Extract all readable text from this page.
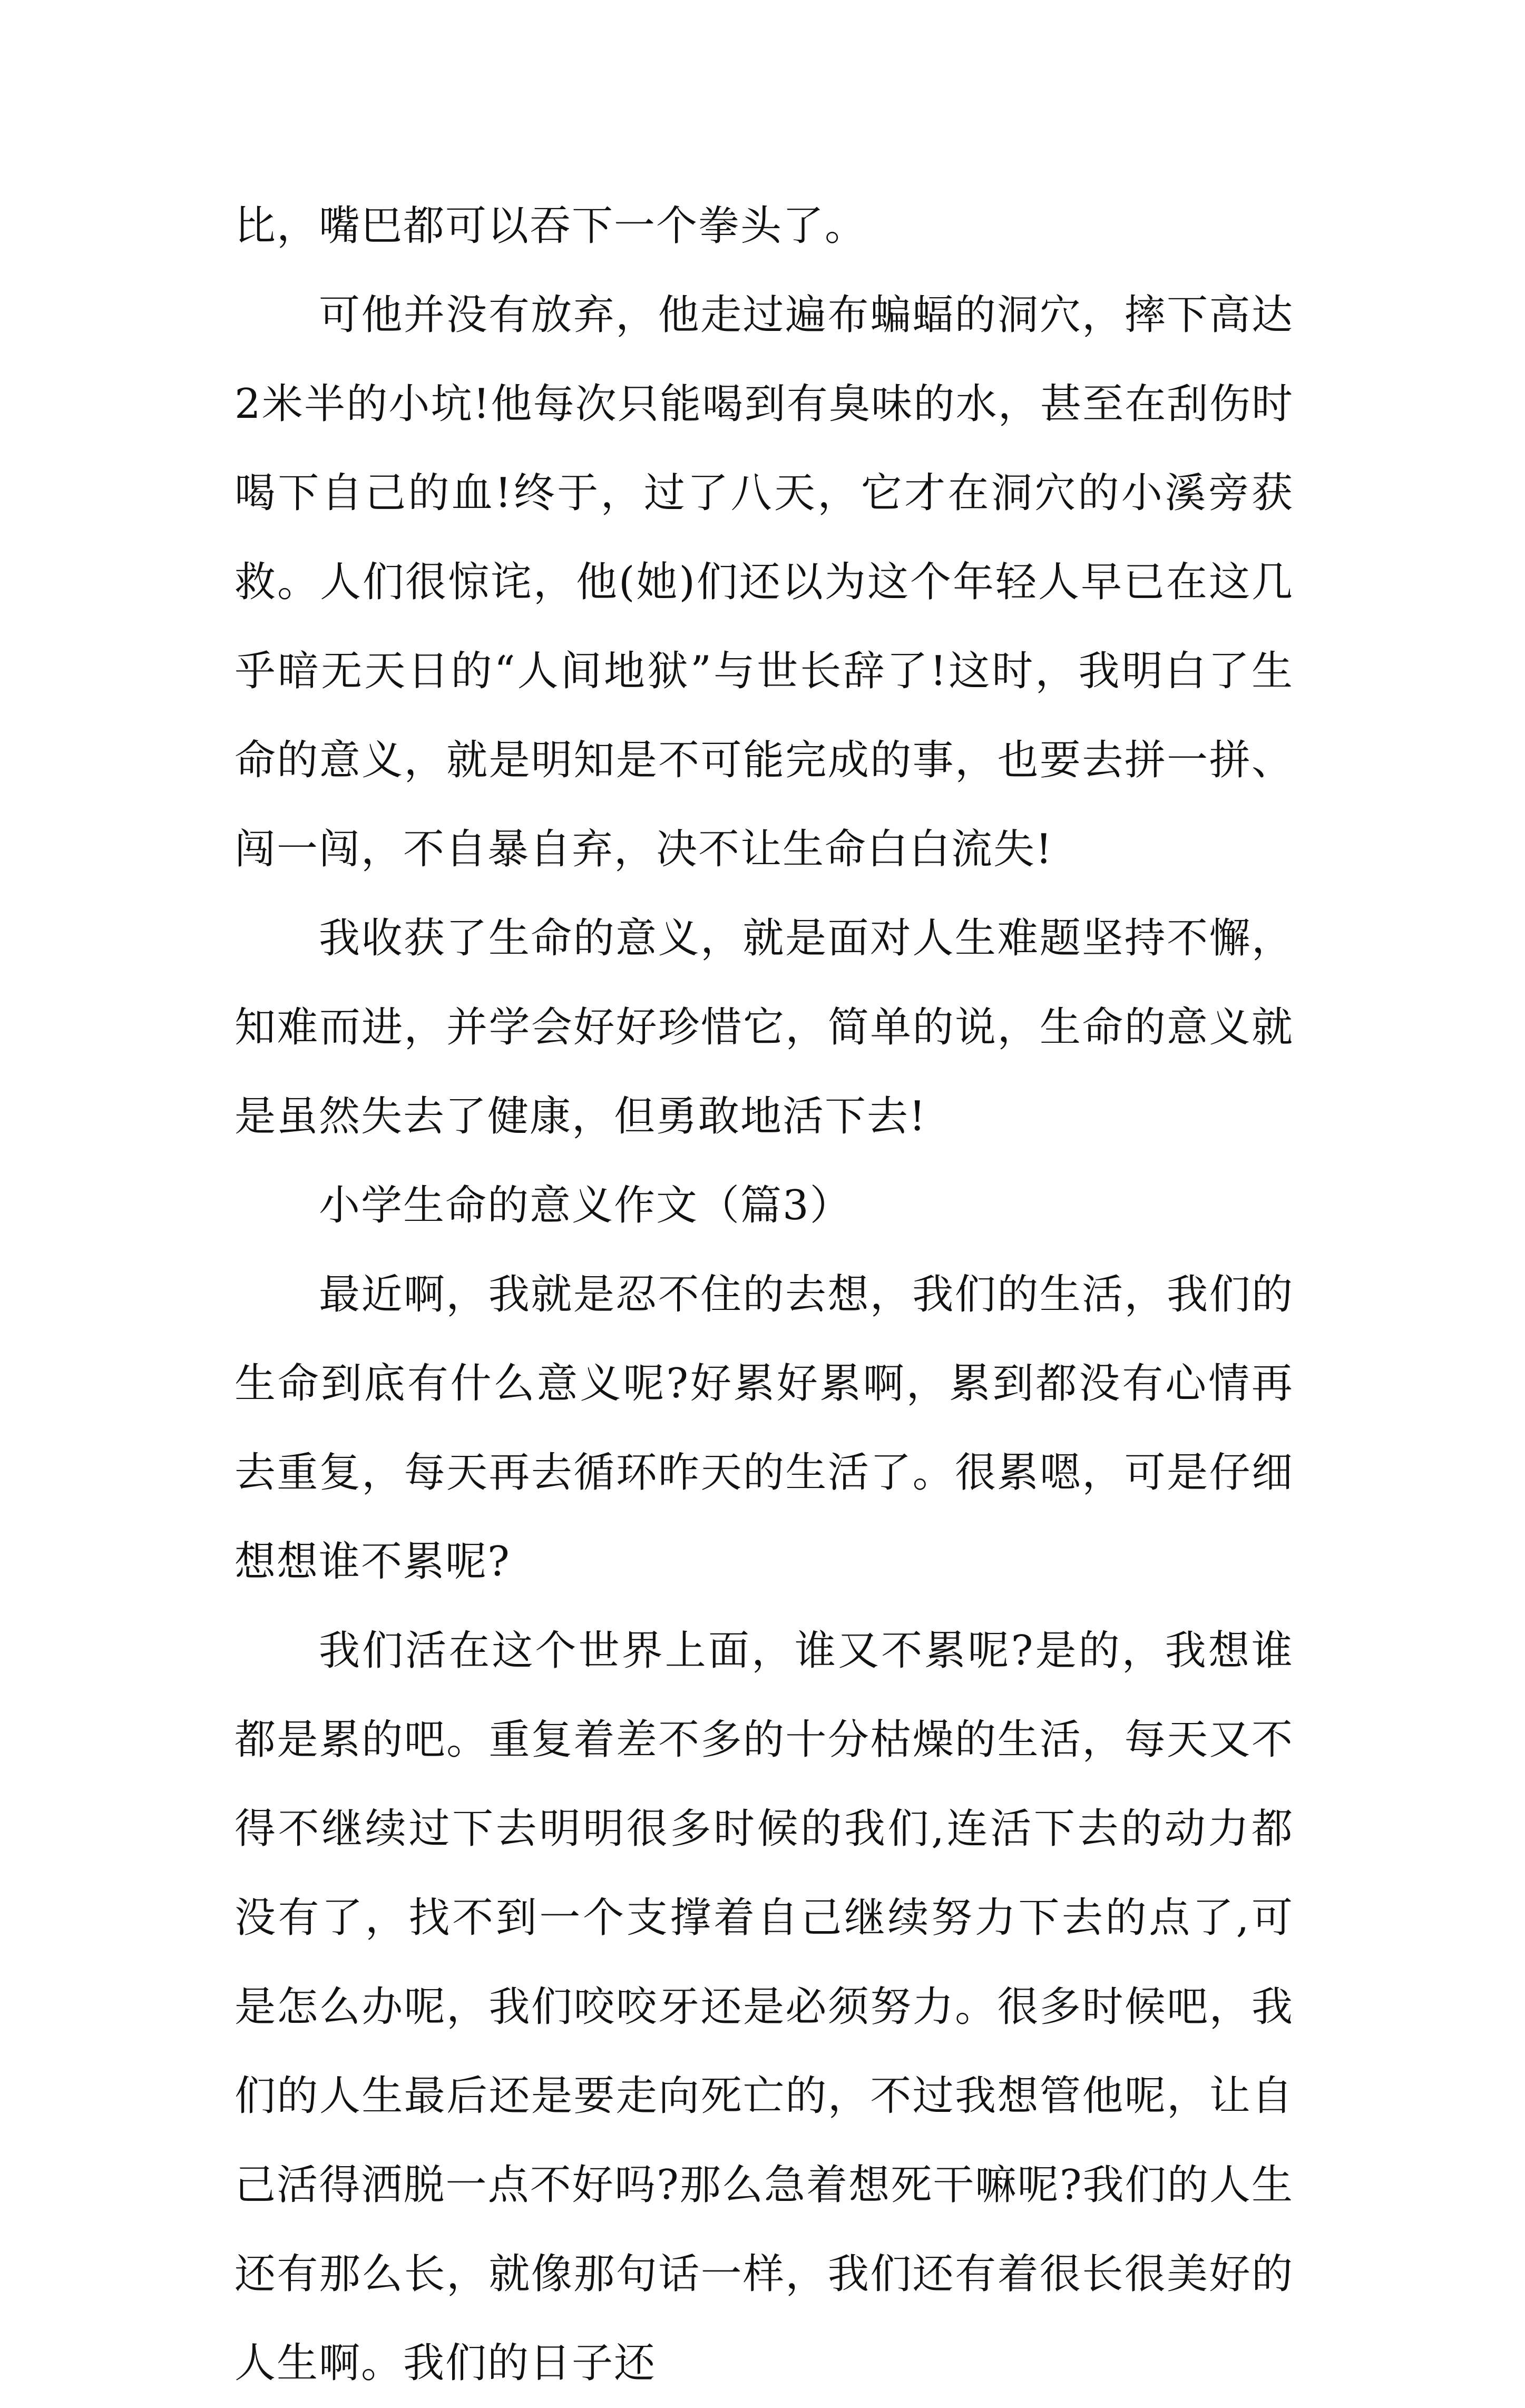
比，嘴巴都可以吞下一个拳头了。

可他并没有放弃，他走过遍布蝙蝠的洞穴，摔下高达2米半的小坑!他每次只能喝到有臭味的水，甚至在刮伤时喝下自己的血!终于，过了八天，它才在洞穴的小溪旁获救。人们很惊诧，他(她)们还以为这个年轻人早已在这几乎暗无天日的“人间地狱”与世长辞了!这时，我明白了生命的意义，就是明知是不可能完成的事，也要去拼一拼、闯一闯，不自暴自弃，决不让生命白白流失!

我收获了生命的意义，就是面对人生难题坚持不懈，知难而进，并学会好好珍惜它，简单的说，生命的意义就是虽然失去了健康，但勇敢地活下去!

小学生命的意义作文（篇3）

最近啊，我就是忍不住的去想，我们的生活，我们的生命到底有什么意义呢?好累好累啊，累到都没有心情再去重复，每天再去循环昨天的生活了。很累嗯，可是仔细想想谁不累呢?

我们活在这个世界上面，谁又不累呢?是的，我想谁都是累的吧。重复着差不多的十分枯燥的生活，每天又不得不继续过下去明明很多时候的我们,连活下去的动力都没有了，找不到一个支撑着自己继续努力下去的点了,可是怎么办呢，我们咬咬牙还是必须努力。很多时候吧，我们的人生最后还是要走向死亡的，不过我想管他呢，让自己活得洒脱一点不好吗?那么急着想死干嘛呢?我们的人生还有那么长，就像那句话一样，我们还有着很长很美好的人生啊。我们的日子还
